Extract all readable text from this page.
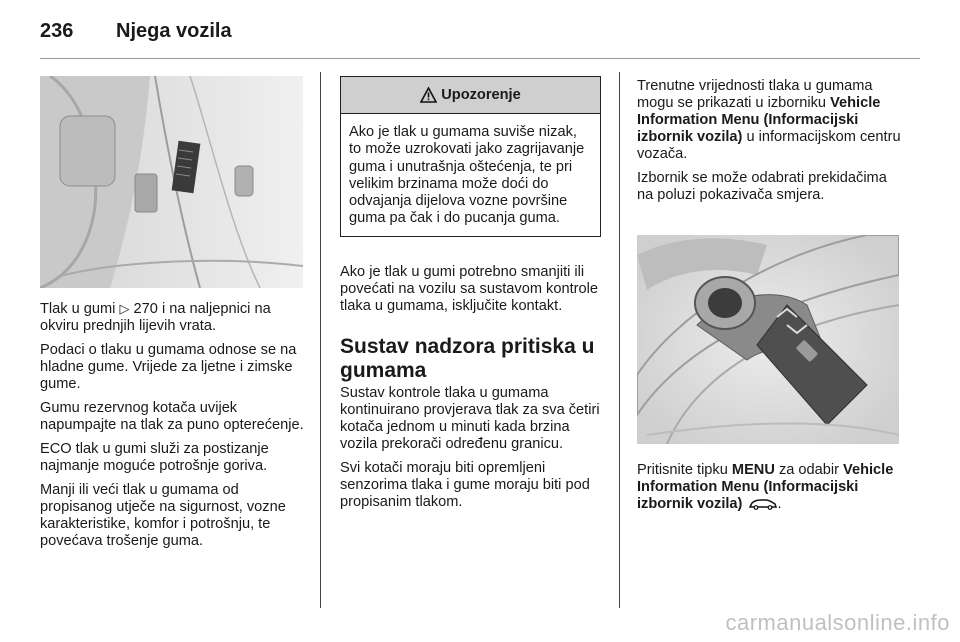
236 Njega vozila

Tlak u gumi ▷ 270 i na naljepnici na okviru prednjih lijevih vrata.

Podaci o tlaku u gumama odnose se na hladne gume. Vrijede za ljetne i zimske gume.

Gumu rezervnog kotača uvijek napumpajte na tlak za puno opterećenje.

ECO tlak u gumi služi za postizanje najmanje moguće potrošnje goriva.

Manji ili veći tlak u gumama od propisanog utječe na sigurnost, vozne karakteristike, komfor i potrošnju, te povećava trošenje guma.

Upozorenje
Ako je tlak u gumama suviše nizak, to može uzrokovati jako zagrijavanje guma i unutrašnja oštećenja, te pri velikim brzinama može doći do odvajanja dijelova vozne površine guma pa čak i do pucanja guma.

Ako je tlak u gumi potrebno smanjiti ili povećati na vozilu sa sustavom kontrole tlaka u gumama, isključite kontakt.

Sustav nadzora pritiska u gumama

Sustav kontrole tlaka u gumama kontinuirano provjerava tlak za sva četiri kotača jednom u minuti kada brzina vozila prekorači određenu granicu.

Svi kotači moraju biti opremljeni senzorima tlaka i gume moraju biti pod propisanim tlakom.

Trenutne vrijednosti tlaka u gumama mogu se prikazati u izborniku Vehicle Information Menu (Informacijski izbornik vozila) u informacijskom centru vozača.

Izbornik se može odabrati prekidačima na poluzi pokazivača smjera.

Pritisnite tipku MENU za odabir Vehicle Information Menu (Informacijski izbornik vozila) .

carmanualsonline.info
